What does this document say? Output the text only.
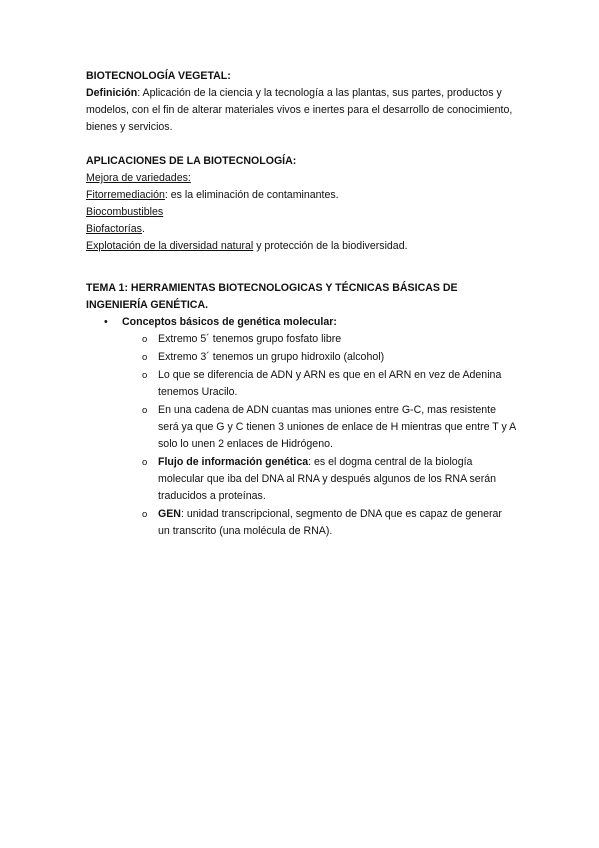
BIOTECNOLOGÍA VEGETAL:

Definición: Aplicación de la ciencia y la tecnología a las plantas, sus partes, productos y modelos, con el fin de alterar materiales vivos e inertes para el desarrollo de conocimiento, bienes y servicios.

APLICACIONES DE LA BIOTECNOLOGÍA:

Mejora de variedades:

Fitorremediación: es la eliminación de contaminantes.

Biocombustibles

Biofactorías.

Explotación de la diversidad natural y protección de la biodiversidad.

TEMA 1: HERRAMIENTAS BIOTECNOLOGICAS Y TÉCNICAS BÁSICAS DE INGENIERÍA GENÉTICA.

• Conceptos básicos de genética molecular:

o Extremo 5´ tenemos grupo fosfato libre

o Extremo 3´ tenemos un grupo hidroxilo (alcohol)

o Lo que se diferencia de ADN y ARN es que en el ARN en vez de Adenina tenemos Uracilo.

o En una cadena de ADN cuantas mas uniones entre G-C, mas resistente será ya que G y C tienen 3 uniones de enlace de H mientras que entre T y A solo lo unen 2 enlaces de Hidrógeno.

o Flujo de información genética: es el dogma central de la biología molecular que iba del DNA al RNA y después algunos de los RNA serán traducidos a proteínas.

o GEN: unidad transcripcional, segmento de DNA que es capaz de generar un transcrito (una molécula de RNA).
